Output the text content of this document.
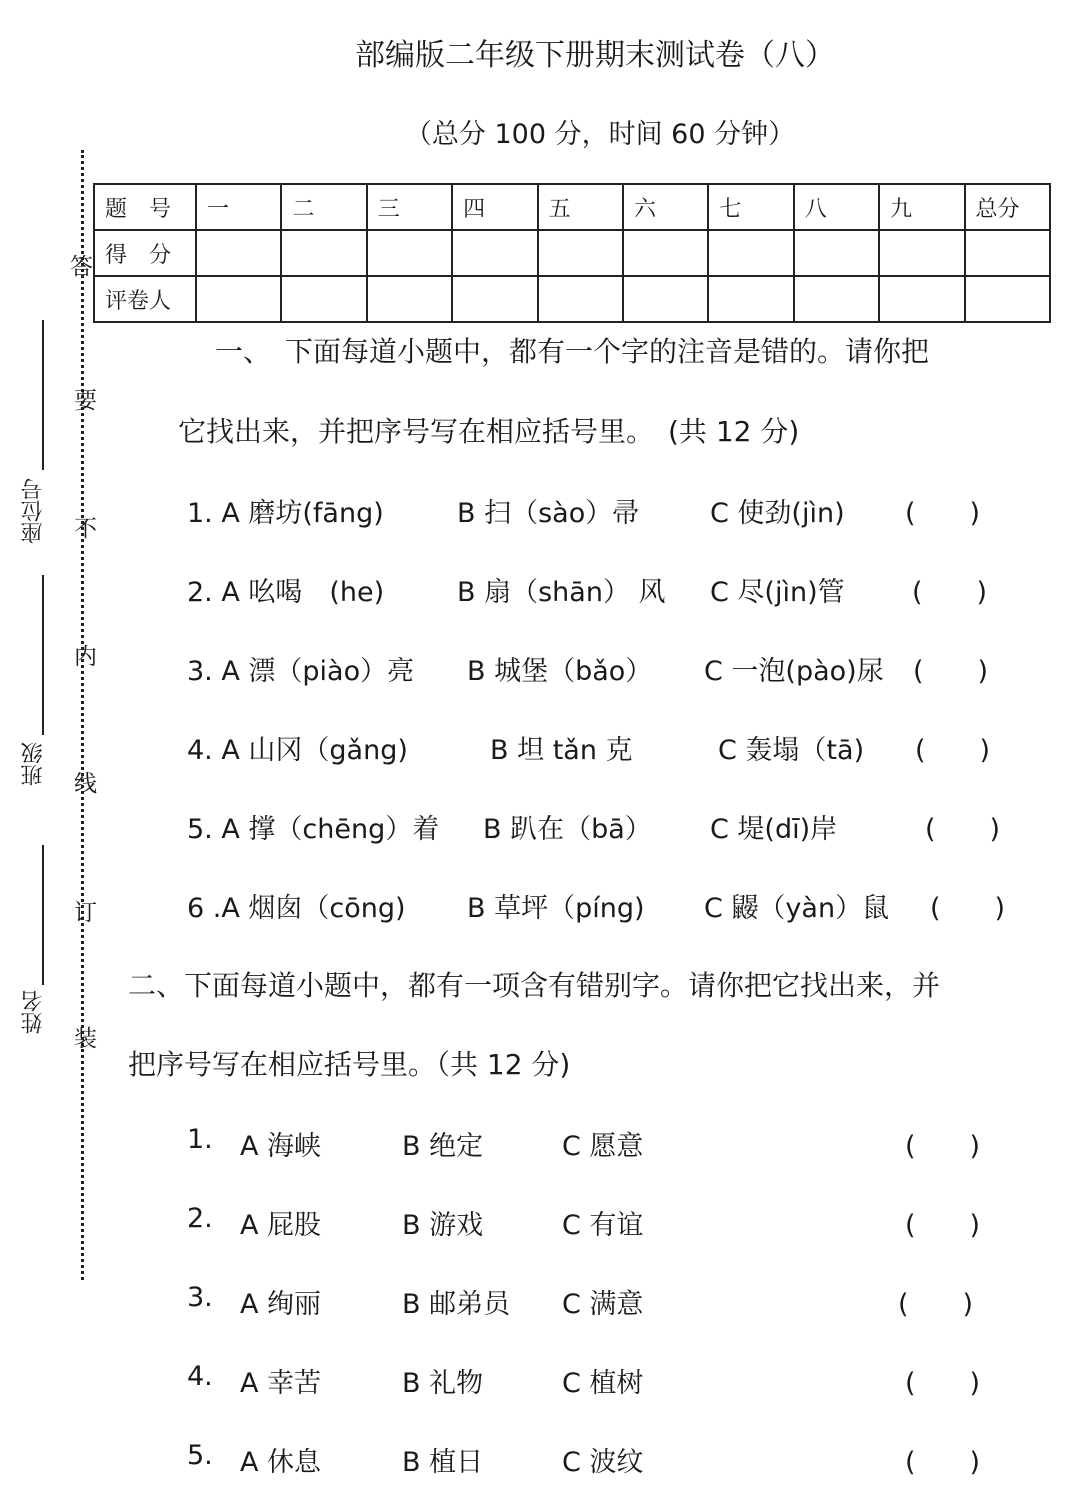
部编版二年级下册期末测试卷（八）
（总分 100 分，时间 60 分钟）
答
要
不
内
线
订
装
座位号
班级
姓名
题　号	一	二	三	四	五	六	七	八	九	总分
得　分										
评卷人										
一、　下面每道小题中，都有一个字的注音是错的。请你把
它找出来，并把序号写在相应括号里。　(共 12 分)
1. A 磨坊(fāng)	B 扫（sào）帚	C 使劲(jìn) (　　)
2. A 吆喝　(he)	B 扇（shān） 风 C 尽(jìn)管 (　　)
3. A 漂（piào）亮 B 城堡（bǎo） C 一泡(pào)尿 (　　)
4. A 山冈（gǎng)	B 坦 tǎn 克	C 轰塌（tā) (　　)
5. A 撑（chēng）着 B 趴在（bā） C 堤(dī)岸	(　　)
6 .A 烟囱（cōng) B 草坪（píng) C 鼹（yàn）鼠 (　　)
二、下面每道小题中，都有一项含有错别字。请你把它找出来，并
把序号写在相应括号里。（共 12 分)
1. A 海峡	B 绝定	C 愿意	(　　)
2. A 屁股	B 游戏	C 有谊	(　　)
3. A 绚丽	B 邮弟员 C 满意	(　　)
4. A 幸苦	B 礼物	C 植树	(　　)
5. A 休息	B 植日	C 波纹	(　　)
